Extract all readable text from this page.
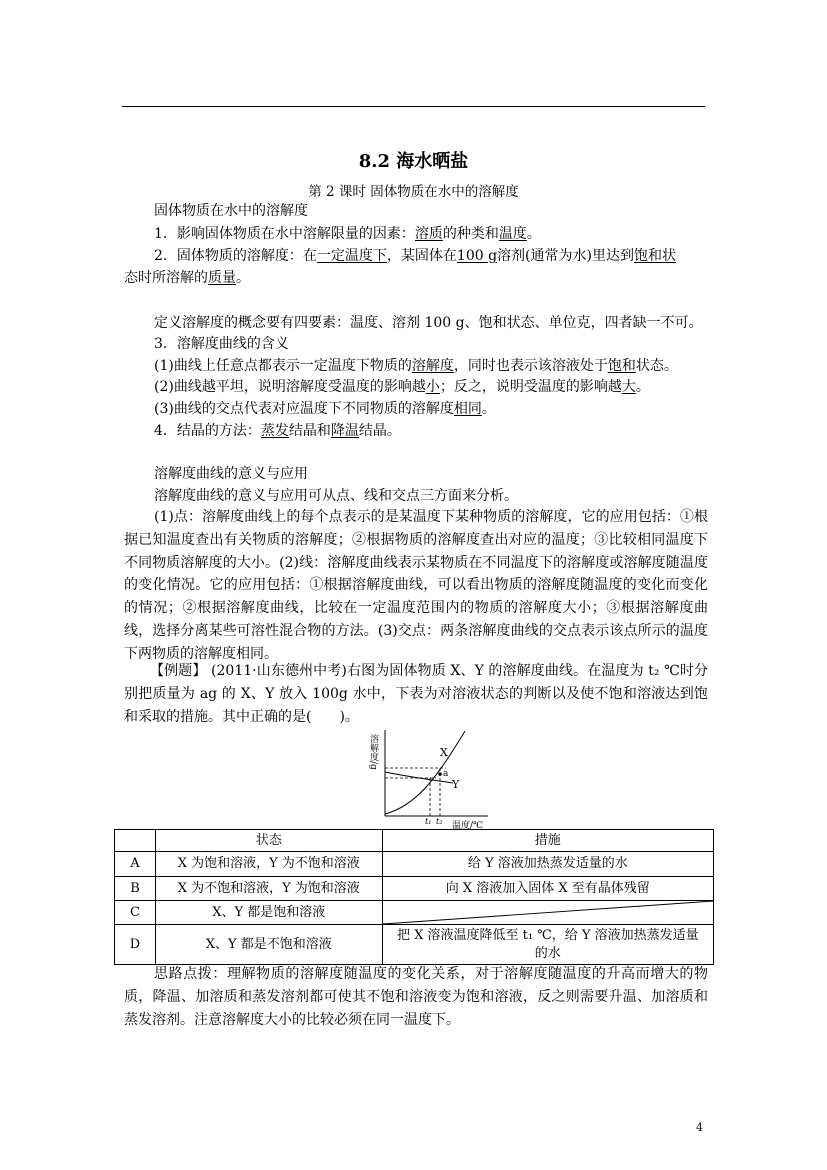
8.2 海水晒盐
第 2 课时 固体物质在水中的溶解度
固体物质在水中的溶解度
1．影响固体物质在水中溶解限量的因素：溶质的种类和温度。
2．固体物质的溶解度：在一定温度下，某固体在100 g溶剂(通常为水)里达到饱和状
态时所溶解的质量。
定义溶解度的概念要有四要素：温度、溶剂 100 g、饱和状态、单位克，四者缺一不可。
3．溶解度曲线的含义
(1)曲线上任意点都表示一定温度下物质的溶解度，同时也表示该溶液处于饱和状态。
(2)曲线越平坦，说明溶解度受温度的影响越小；反之，说明受温度的影响越大。
(3)曲线的交点代表对应温度下不同物质的溶解度相同。
4．结晶的方法：蒸发结晶和降温结晶。
溶解度曲线的意义与应用
溶解度曲线的意义与应用可从点、线和交点三方面来分析。
(1)点：溶解度曲线上的每个点表示的是某温度下某种物质的溶解度，它的应用包括：①根据已知温度查出有关物质的溶解度；②根据物质的溶解度查出对应的温度；③比较相同温度下不同物质溶解度的大小。(2)线：溶解度曲线表示某物质在不同温度下的溶解度或溶解度随温度的变化情况。它的应用包括：①根据溶解度曲线，可以看出物质的溶解度随温度的变化而变化的情况；②根据溶解度曲线，比较在一定温度范围内的物质的溶解度大小；③根据溶解度曲线，选择分离某些可溶性混合物的方法。(3)交点：两条溶解度曲线的交点表示该点所示的温度下两物质的溶解度相同。
【例题】 (2011·山东德州中考)右图为固体物质 X、Y 的溶解度曲线。在温度为 t₂ ℃时分别把质量为 ag 的 X、Y 放入 100g 水中，下表为对溶液状态的判断以及使不饱和溶液达到饱和采取的措施。其中正确的是(　　)。
溶解度/g	X
Y
a
t₁ t₂ 温度/℃
	状态	措施
A	X 为饱和溶液，Y 为不饱和溶液	给 Y 溶液加热蒸发适量的水
B	X 为不饱和溶液，Y 为饱和溶液	向 X 溶液加入固体 X 至有晶体残留
C	X、Y 都是饱和溶液	

D	X、Y 都是不饱和溶液	把 X 溶液温度降低至 t₁ ℃，给 Y 溶液加热蒸发适量的水
思路点拨：理解物质的溶解度随温度的变化关系，对于溶解度随温度的升高而增大的物质，降温、加溶质和蒸发溶剂都可使其不饱和溶液变为饱和溶液，反之则需要升温、加溶质和蒸发溶剂。注意溶解度大小的比较必须在同一温度下。
4
